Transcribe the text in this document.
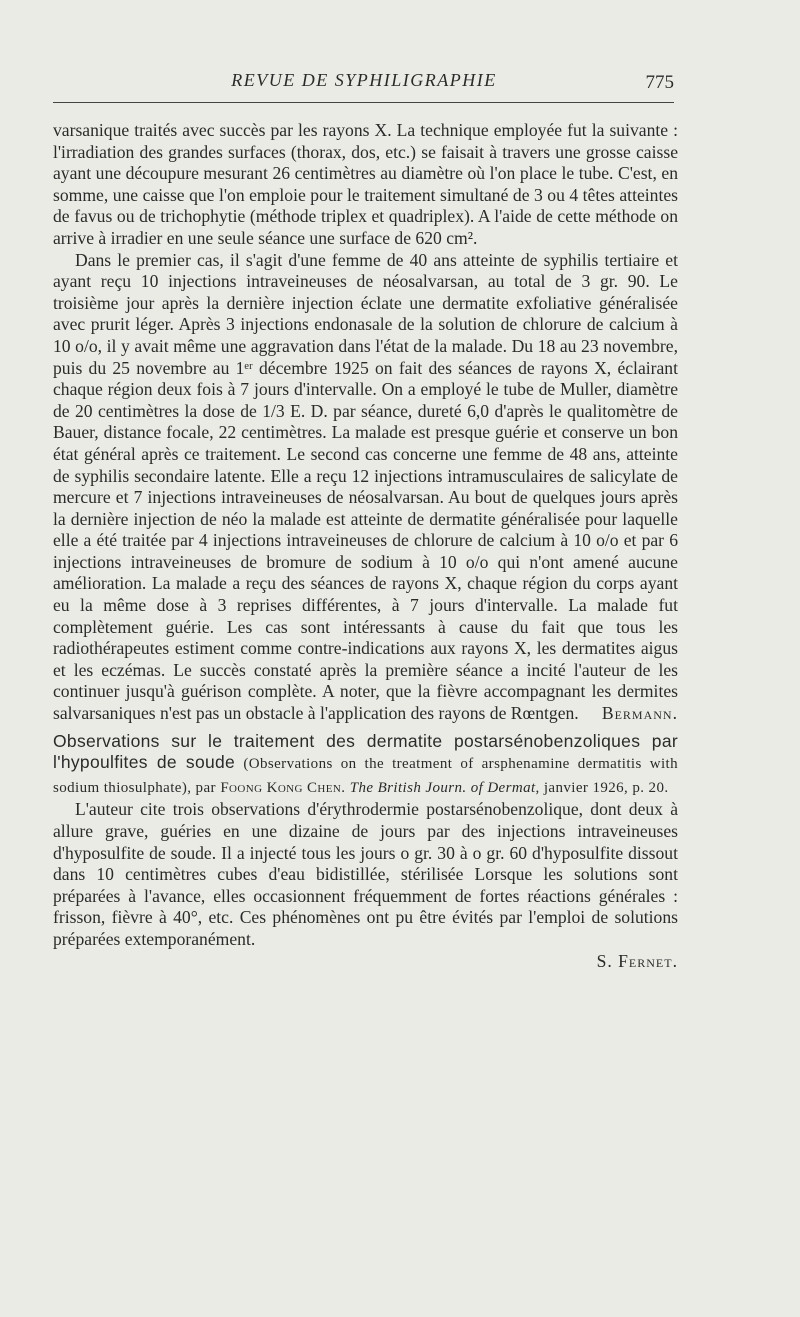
REVUE DE SYPHILIGRAPHIE	775

varsanique traités avec succès par les rayons X. La technique employée fut la suivante : l'irradiation des grandes surfaces (thorax, dos, etc.) se faisait à travers une grosse caisse ayant une découpure mesurant 26 centimètres au diamètre où l'on place le tube. C'est, en somme, une caisse que l'on emploie pour le traitement simultané de 3 ou 4 têtes atteintes de favus ou de trichophytie (méthode triplex et quadriplex). A l'aide de cette méthode on arrive à irradier en une seule séance une surface de 620 cm².

Dans le premier cas, il s'agit d'une femme de 40 ans atteinte de syphilis tertiaire et ayant reçu 10 injections intraveineuses de néosalvarsan, au total de 3 gr. 90. Le troisième jour après la dernière injection éclate une dermatite exfoliative généralisée avec prurit léger. Après 3 injections endonasale de la solution de chlorure de calcium à 10 o/o, il y avait même une aggravation dans l'état de la malade. Du 18 au 23 novembre, puis du 25 novembre au 1ᵉʳ décembre 1925 on fait des séances de rayons X, éclairant chaque région deux fois à 7 jours d'intervalle. On a employé le tube de Muller, diamètre de 20 centimètres la dose de 1/3 E. D. par séance, dureté 6,0 d'après le qualitomètre de Bauer, distance focale, 22 centimètres. La malade est presque guérie et conserve un bon état général après ce traitement. Le second cas concerne une femme de 48 ans, atteinte de syphilis secondaire latente. Elle a reçu 12 injections intramusculaires de salicylate de mercure et 7 injections intraveineuses de néosalvarsan. Au bout de quelques jours après la dernière injection de néo la malade est atteinte de dermatite généralisée pour laquelle elle a été traitée par 4 injections intraveineuses de chlorure de calcium à 10 o/o et par 6 injections intraveineuses de bromure de sodium à 10 o/o qui n'ont amené aucune amélioration. La malade a reçu des séances de rayons X, chaque région du corps ayant eu la même dose à 3 reprises différentes, à 7 jours d'intervalle. La malade fut complètement guérie. Les cas sont intéressants à cause du fait que tous les radiothérapeutes estiment comme contre-indications aux rayons X, les dermatites aigus et les eczémas. Le succès constaté après la première séance a incité l'auteur de les continuer jusqu'à guérison complète. A noter, que la fièvre accompagnant les dermites salvarsaniques n'est pas un obstacle à l'application des rayons de Rœntgen.	Bermann.

Observations sur le traitement des dermatite postarsénobenzoliques par l'hypoulfites de soude (Observations on the treatment of arsphenamine dermatitis with sodium thiosulphate), par Foong Kong Chen. The British Journ. of Dermat, janvier 1926, p. 20.

L'auteur cite trois observations d'érythrodermie postarsénobenzolique, dont deux à allure grave, guéries en une dizaine de jours par des injections intraveineuses d'hyposulfite de soude. Il a injecté tous les jours o gr. 30 à o gr. 60 d'hyposulfite dissout dans 10 centimètres cubes d'eau bidistillée, stérilisée Lorsque les solutions sont préparées à l'avance, elles occasionnent fréquemment de fortes réactions générales : frisson, fièvre à 40°, etc. Ces phénomènes ont pu être évités par l'emploi de solutions préparées extemporanément.

S. Fernet.
